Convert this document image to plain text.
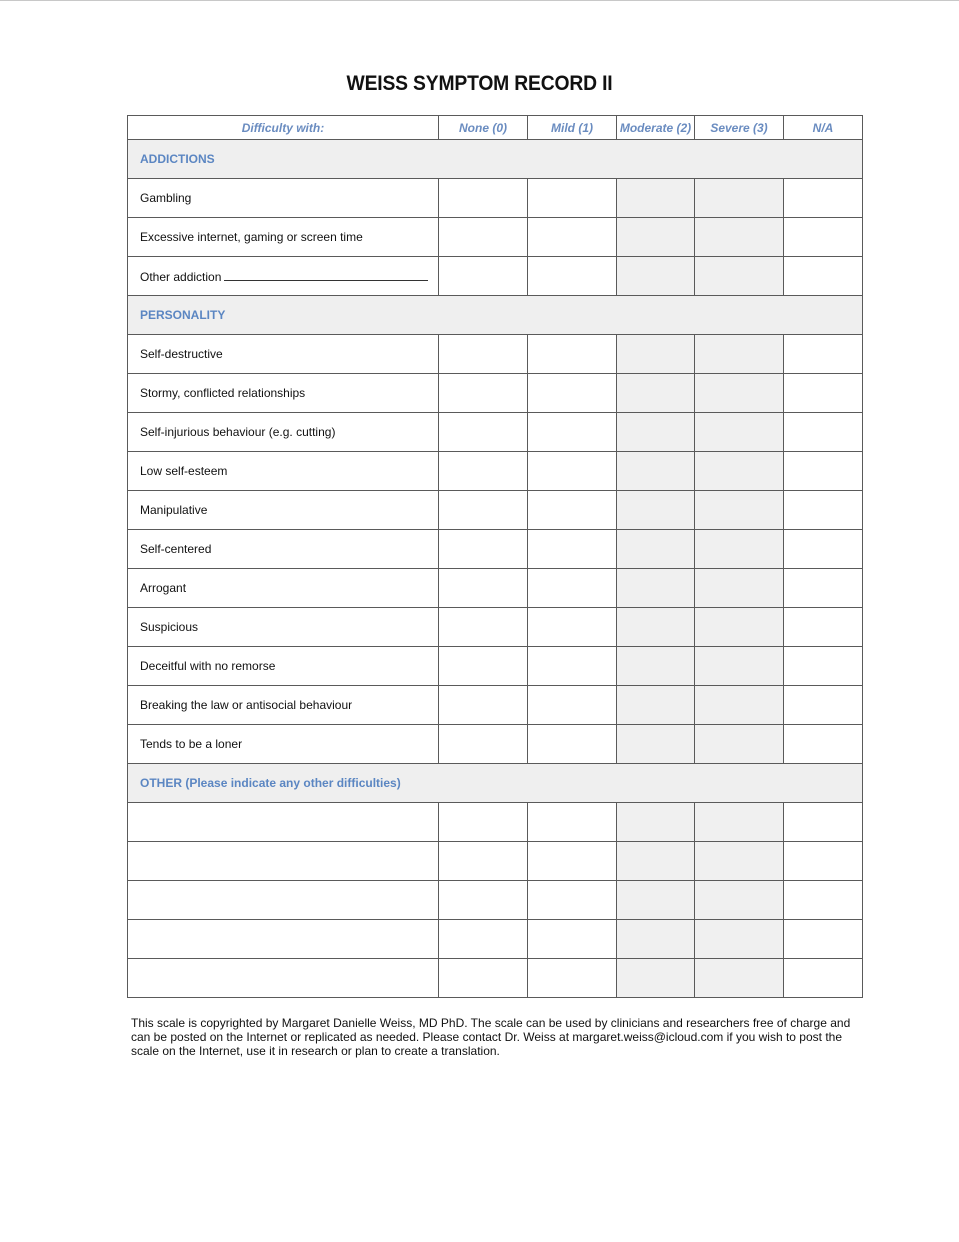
WEISS SYMPTOM RECORD II
Difficulty with:	None (0)	Mild (1)	Moderate (2)	Severe (3)	N/A
ADDICTIONS					
Gambling					
Excessive internet, gaming or screen time					
Other addiction					
PERSONALITY					
Self-destructive					
Stormy, conflicted relationships					
Self-injurious behaviour (e.g. cutting)					
Low self-esteem					
Manipulative					
Self-centered					
Arrogant					
Suspicious					
Deceitful with no remorse					
Breaking the law or antisocial behaviour					
Tends to be a loner					
OTHER (Please indicate any other difficulties)					

This scale is copyrighted by Margaret Danielle Weiss, MD PhD. The scale can be used by clinicians and researchers free of charge and can be posted on the Internet or replicated as needed. Please contact Dr. Weiss at margaret.weiss@icloud.com if you wish to post the scale on the Internet, use it in research or plan to create a translation.
